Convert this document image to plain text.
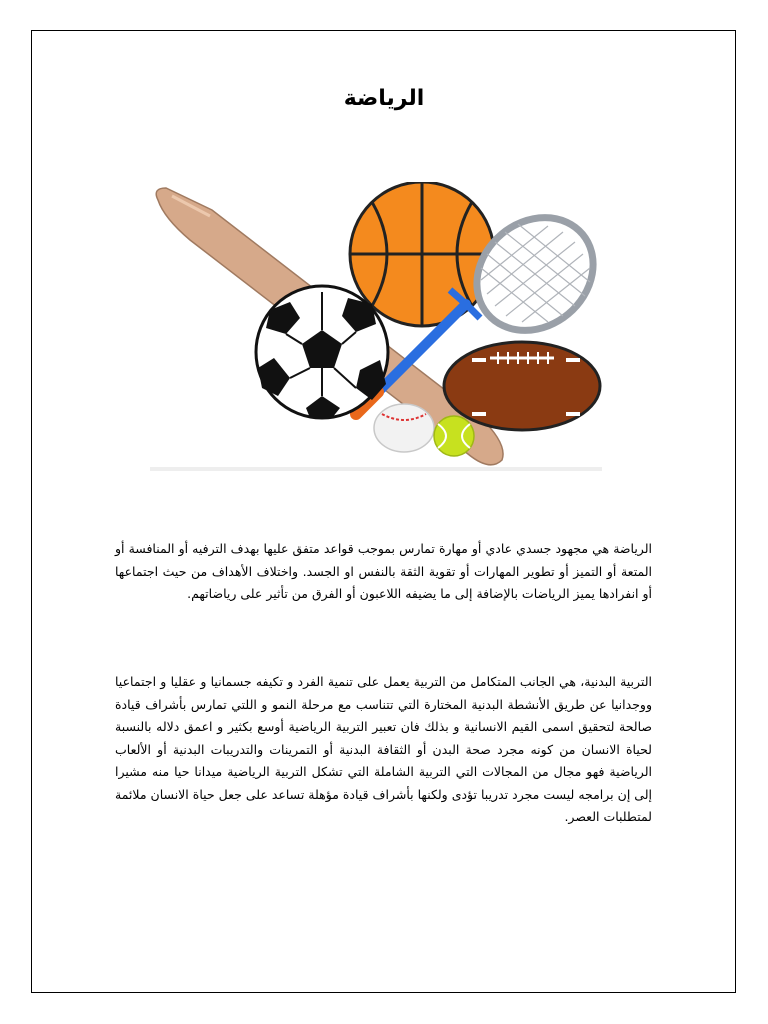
الرياضة
الرياضة هي مجهود جسدي عادي أو مهارة تمارس بموجب قواعد متفق عليها بهدف الترفيه أو المنافسة أو المتعة أو التميز أو تطوير المهارات أو تقوية الثقة بالنفس او الجسد. واختلاف الأهداف من حيث اجتماعها أو انفرادها يميز الرياضات بالإضافة إلى ما يضيفه اللاعبون أو الفرق من تأثير على رياضاتهم.
التربية البدنية، هي الجانب المتكامل من التربية يعمل على تنمية الفرد و تكيفه جسمانيا و عقليا و اجتماعيا ووجدانيا عن طريق الأنشطة البدنية المختارة التي تتناسب مع مرحلة النمو و اللتي تمارس بأشراف قيادة صالحة لتحقيق اسمى القيم الانسانية و بذلك فان تعبير التربية الرياضية أوسع بكثير و اعمق دلاله بالنسبة لحياة الانسان من كونه مجرد صحة البدن أو الثقافة البدنية أو التمرينات والتدريبات البدنية أو الألعاب الرياضية فهو مجال من المجالات التي التربية الشاملة التي تشكل التربية الرياضية ميدانا حيا منه مشيرا إلى إن برامجه ليست مجرد تدريبا تؤدى ولكنها بأشراف قيادة مؤهلة تساعد على جعل حياة الانسان ملائمة لمتطلبات العصر.
